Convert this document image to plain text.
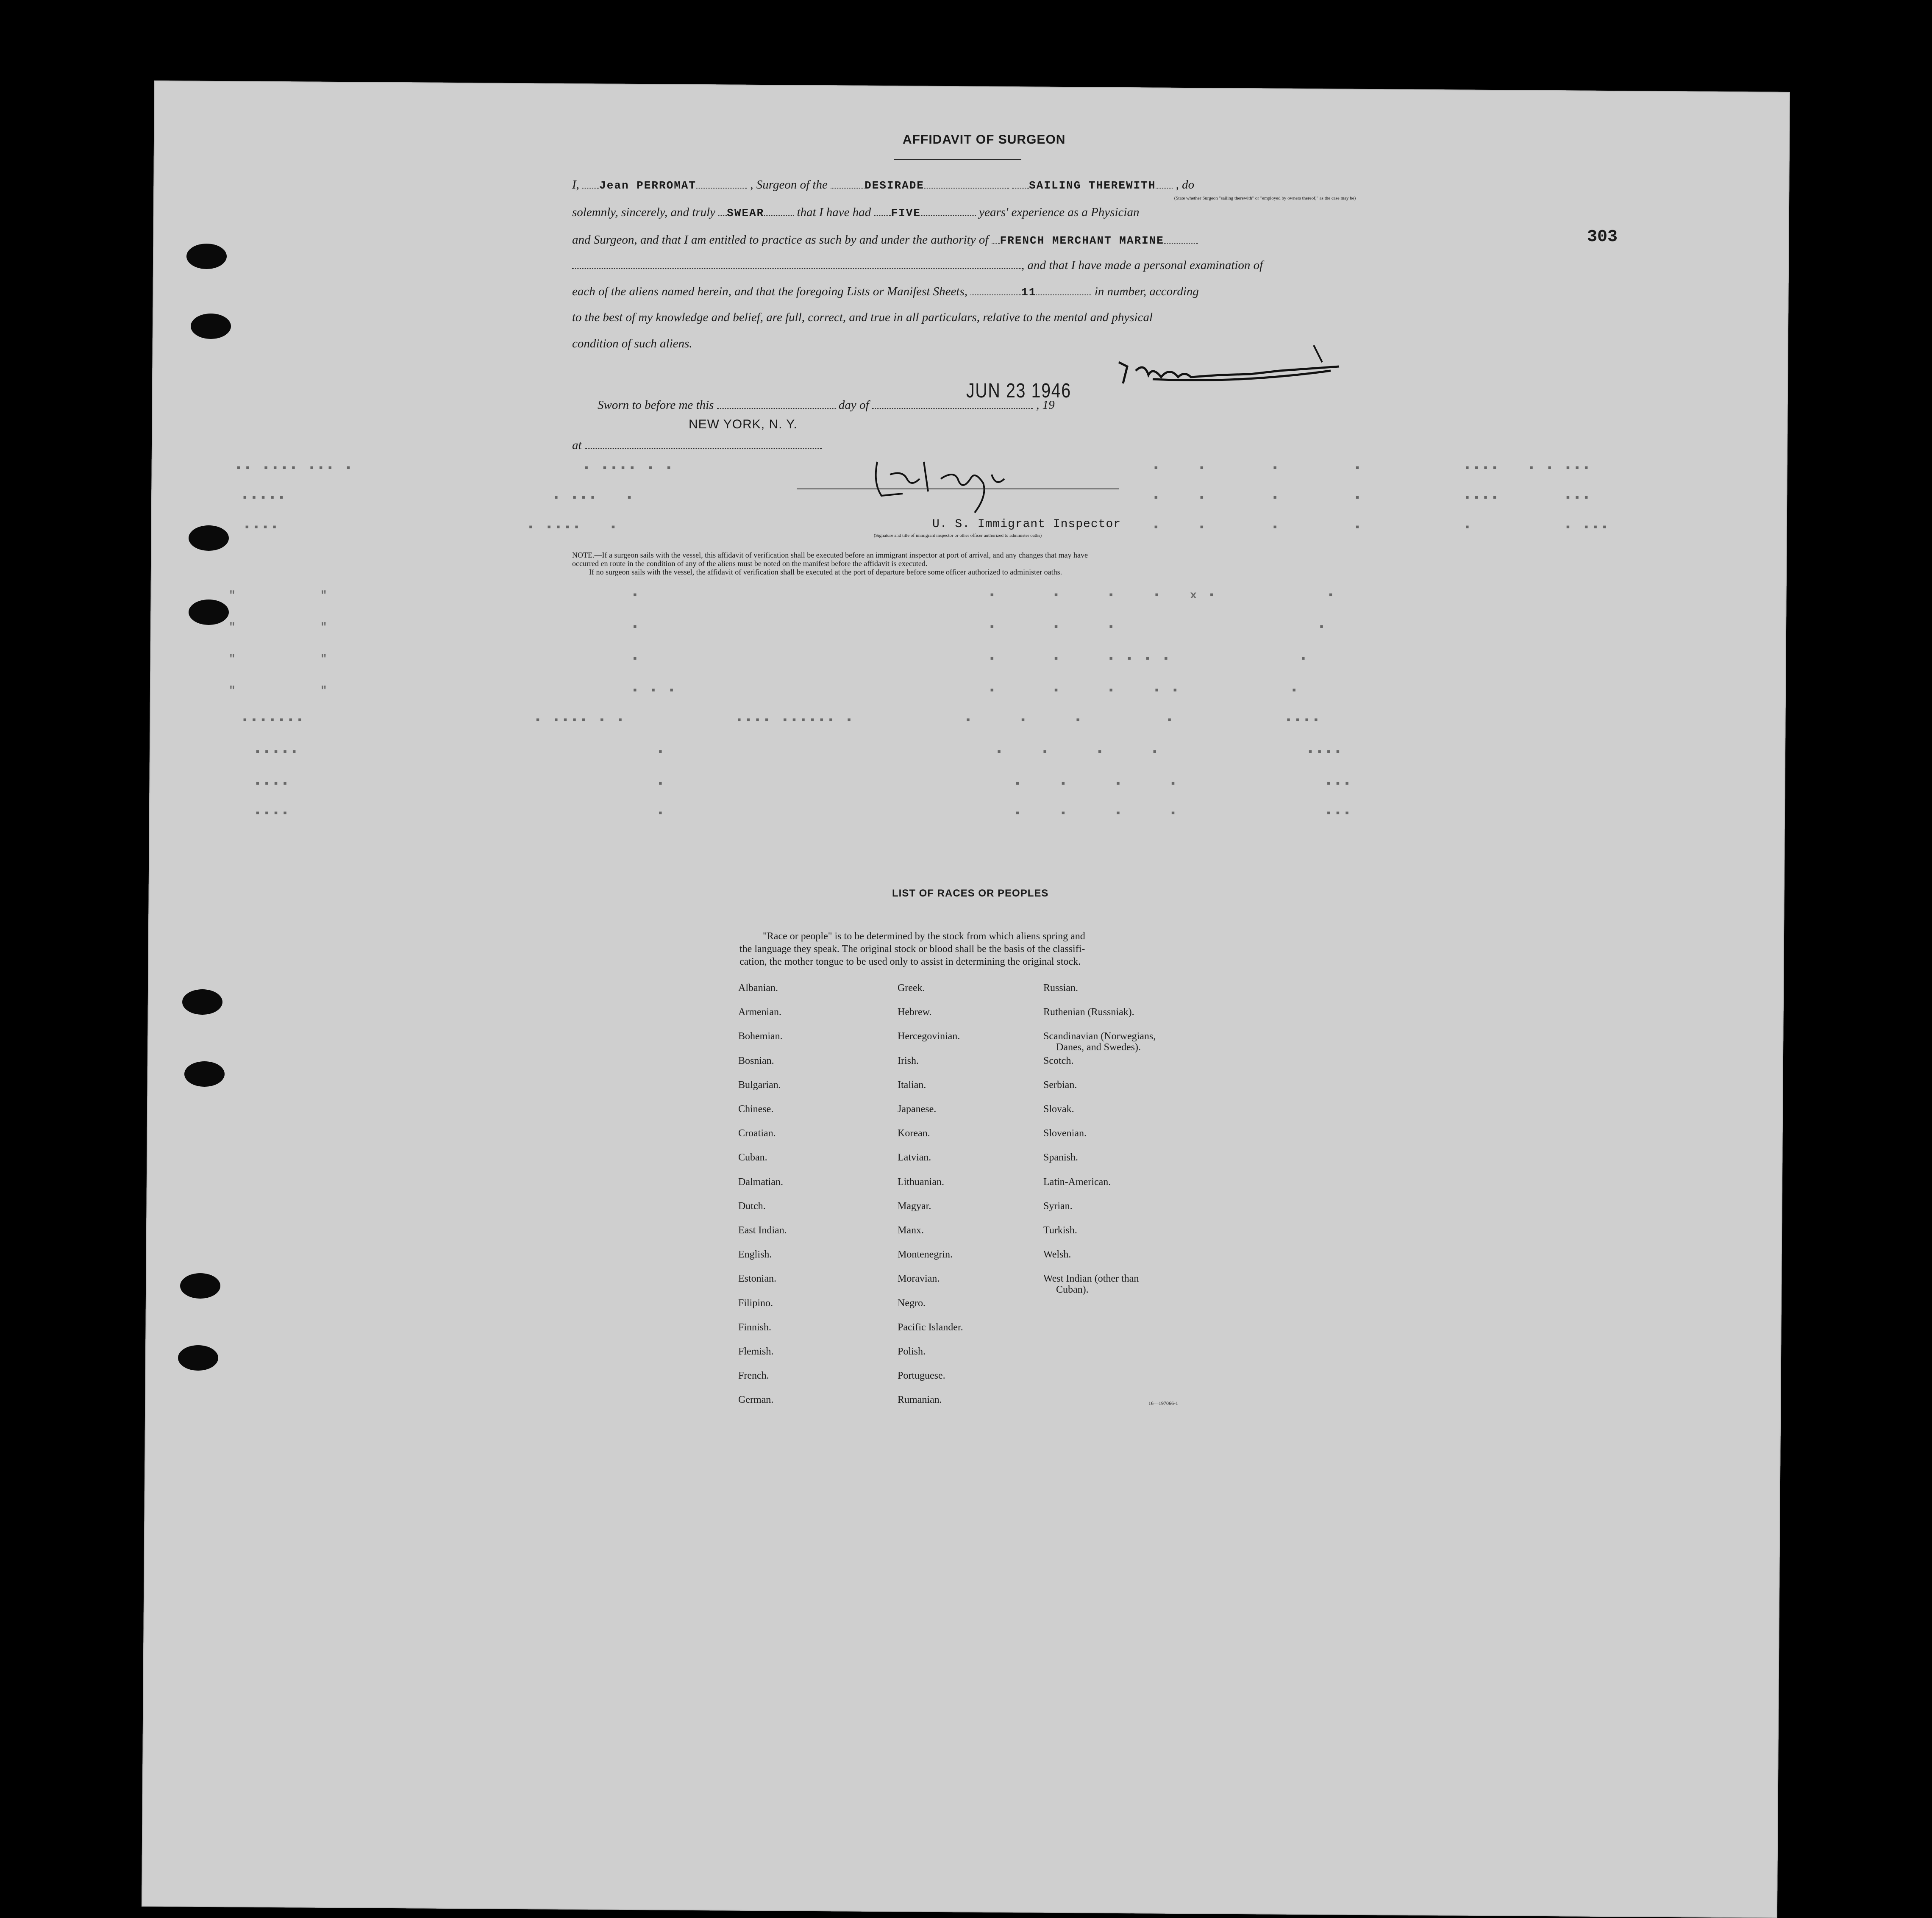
AFFIDAVIT OF SURGEON
303
I, Jean PERROMAT	, Surgeon of the	DESIRADE	SAILING THEREWITH , do
(State whether Surgeon "sailing therewith" or "employed by owners thereof," as the case may be)
solemnly, sincerely, and truly SWEAR	that I have had FIVE	years' experience as a Physician
and Surgeon, and that I am entitled to practice as such by and under the authority of FRENCH MERCHANT MARINE
, and that I have made a personal examination of
each of the aliens named herein, and that the foregoing Lists or Manifest Sheets,	11	in number, according
to the best of my knowledge and belief, are full, correct, and true in all particulars, relative to the mental and physical
condition of such aliens.
Sworn to before me this	day of	, 19
JUN 23 1946
NEW YORK, N. Y.
at
U. S. Immigrant Inspector
(Signature and title of immigrant inspector or other officer authorized to administer oaths)
▪▪ ▪▪▪▪ ▪▪▪ ▪                         ▪ ▪▪▪▪ ▪ ▪	▪    ▪       ▪        ▪           ▪▪▪▪   ▪ ▪ ▪▪▪
▪▪▪▪▪                             ▪ ▪▪▪   ▪	▪    ▪       ▪        ▪           ▪▪▪▪       ▪▪▪
▪▪▪▪                           ▪ ▪▪▪▪   ▪	▪    ▪       ▪        ▪           ▪          ▪ ▪▪▪
NOTE.—If a surgeon sails with the vessel, this affidavit of verification shall be executed before an immigrant inspector at port of arrival, and any changes that may have
occurred en route in the condition of any of the aliens must be noted on the manifest before the affidavit is executed.
If no surgeon sails with the vessel, the affidavit of verification shall be executed at the port of departure before some officer authorized to administer oaths.
"         "                                 ▪                                      ▪      ▪     ▪    ▪   x ▪            ▪
"         "                                 ▪                                      ▪      ▪     ▪                      ▪
"         "                                 ▪                                      ▪      ▪     ▪ ▪ ▪ ▪              ▪
"         "                                 ▪ ▪ ▪                                  ▪      ▪     ▪    ▪ ▪            ▪
▪▪▪▪▪▪▪                         ▪ ▪▪▪▪ ▪ ▪            ▪▪▪▪ ▪▪▪▪▪▪ ▪            ▪     ▪     ▪         ▪            ▪▪▪▪
▪▪▪▪▪                                       ▪                                    ▪    ▪     ▪     ▪                ▪▪▪▪
▪▪▪▪                                        ▪                                      ▪    ▪     ▪     ▪                ▪▪▪
▪▪▪▪                                        ▪                                      ▪    ▪     ▪     ▪                ▪▪▪
LIST OF RACES OR PEOPLES
"Race or people" is to be determined by the stock from which aliens spring and
the language they speak. The original stock or blood shall be the basis of the classifi-
cation, the mother tongue to be used only to assist in determining the original stock.
Albanian.
Armenian.
Bohemian.
Bosnian.
Bulgarian.
Chinese.
Croatian.
Cuban.
Dalmatian.
Dutch.
East Indian.
English.
Estonian.
Filipino.
Finnish.
Flemish.
French.
German.
Greek.
Hebrew.
Hercegovinian.
Irish.
Italian.
Japanese.
Korean.
Latvian.
Lithuanian.
Magyar.
Manx.
Montenegrin.
Moravian.
Negro.
Pacific Islander.
Polish.
Portuguese.
Rumanian.
Russian.
Ruthenian (Russniak).
Scandinavian (Norwegians,
Danes, and Swedes).
Scotch.
Serbian.
Slovak.
Slovenian.
Spanish.
Latin-American.
Syrian.
Turkish.
Welsh.
West Indian (other than
Cuban).
16—197066-1
